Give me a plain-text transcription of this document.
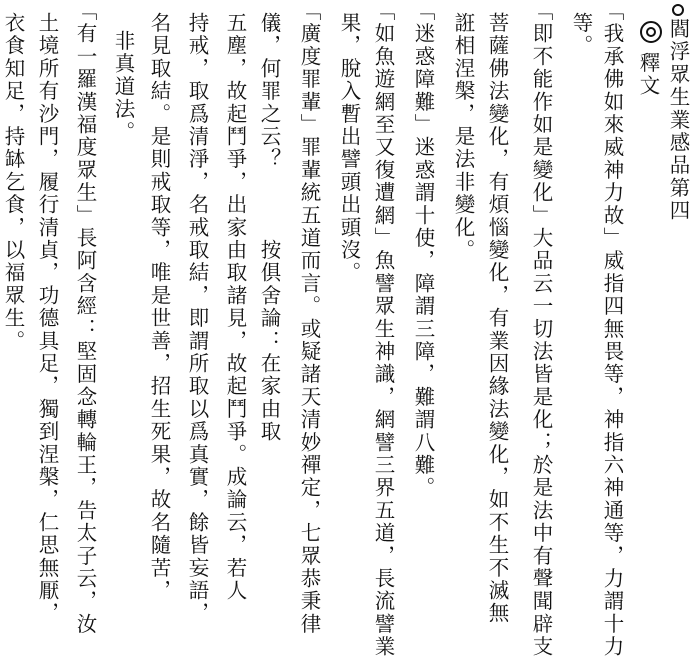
閻浮眾生業感品第四
釋文
「我承佛如來威神力故」威指四無畏等，神指六神通等，力謂十力
等。
「即不能作如是變化」大品云一切法皆是化；於是法中有聲聞辟支
菩薩佛法變化，有煩惱變化，有業因緣法變化，如不生不滅無
誑相涅槃，是法非變化。
「迷惑障難」迷惑謂十使，障謂三障，難謂八難。
「如魚遊網至又復遭網」魚譬眾生神識，網譬三界五道，長流譬業
果，脫入暫出譬頭出頭沒。
「廣度罪輩」罪輩統五道而言。或疑諸天清妙禪定，七眾恭秉律
儀，何罪之云？　　　按俱舍論：在家由取
五塵，故起鬥爭，出家由取諸見，故起鬥爭。成論云，若人
持戒，取爲清淨，名戒取結，即謂所取以爲真實，餘皆妄語，
名見取結。是則戒取等，唯是世善，招生死果，故名隨苦，
非真道法。
「有一羅漢福度眾生」長阿含經：堅固念轉輪王，告太子云，汝
土境所有沙門，履行清貞，功德具足，獨到涅槃，仁思無厭，
衣食知足，持缽乞食，以福眾生。
